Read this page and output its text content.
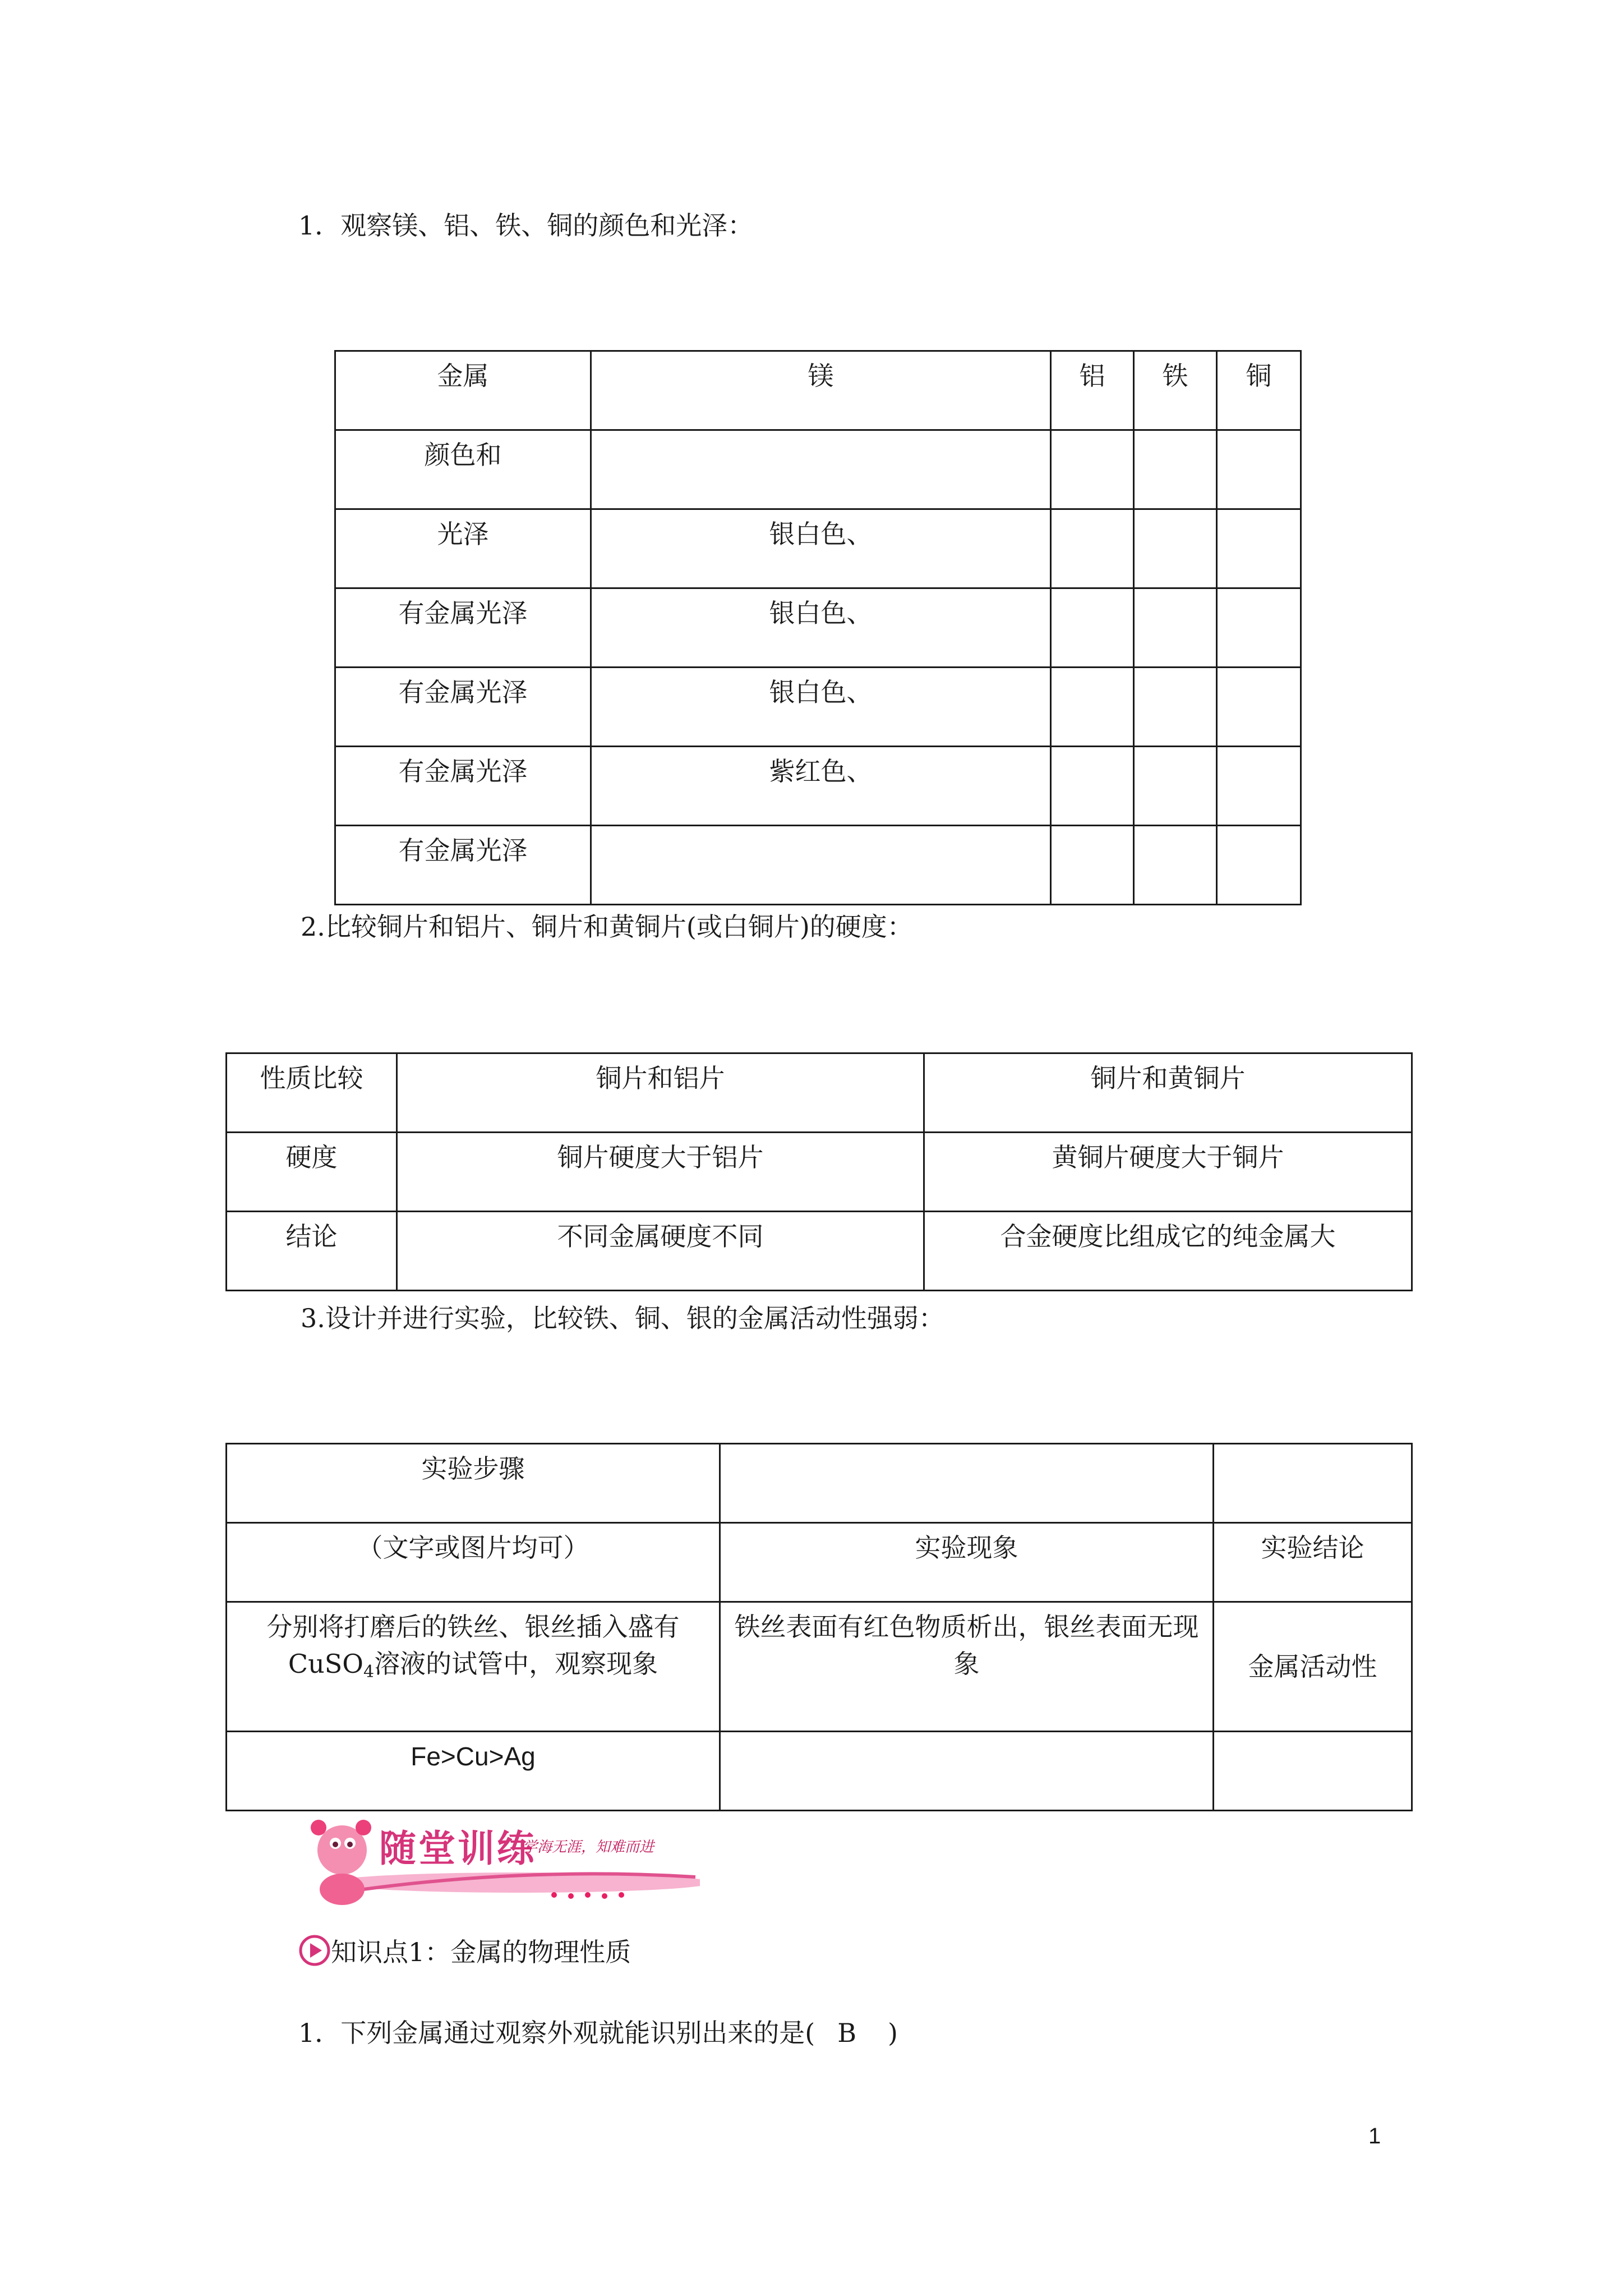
1．观察镁、铝、铁、铜的颜色和光泽：
金属	镁	铝	铁	铜
颜色和				
光泽	银白色、			
有金属光泽	银白色、			
有金属光泽	银白色、			
有金属光泽	紫红色、			
有金属光泽				
2.比较铜片和铝片、铜片和黄铜片(或白铜片)的硬度：
性质比较	铜片和铝片	铜片和黄铜片
硬度	铜片硬度大于铝片	黄铜片硬度大于铜片
结论	不同金属硬度不同	合金硬度比组成它的纯金属大
3.设计并进行实验，比较铁、铜、银的金属活动性强弱：
实验步骤		
（文字或图片均可）	实验现象	实验结论
分别将打磨后的铁丝、银丝插入盛有
CuSO$_4$溶液的试管中，观察现象	铁丝表面有红色物质析出，银丝表面无现象	金属活动性
Fe>Cu>Ag		
随堂训练
学海无涯，知难而进
知识点1：金属的物理性质
1．下列金属通过观察外观就能识别出来的是( B )
1
